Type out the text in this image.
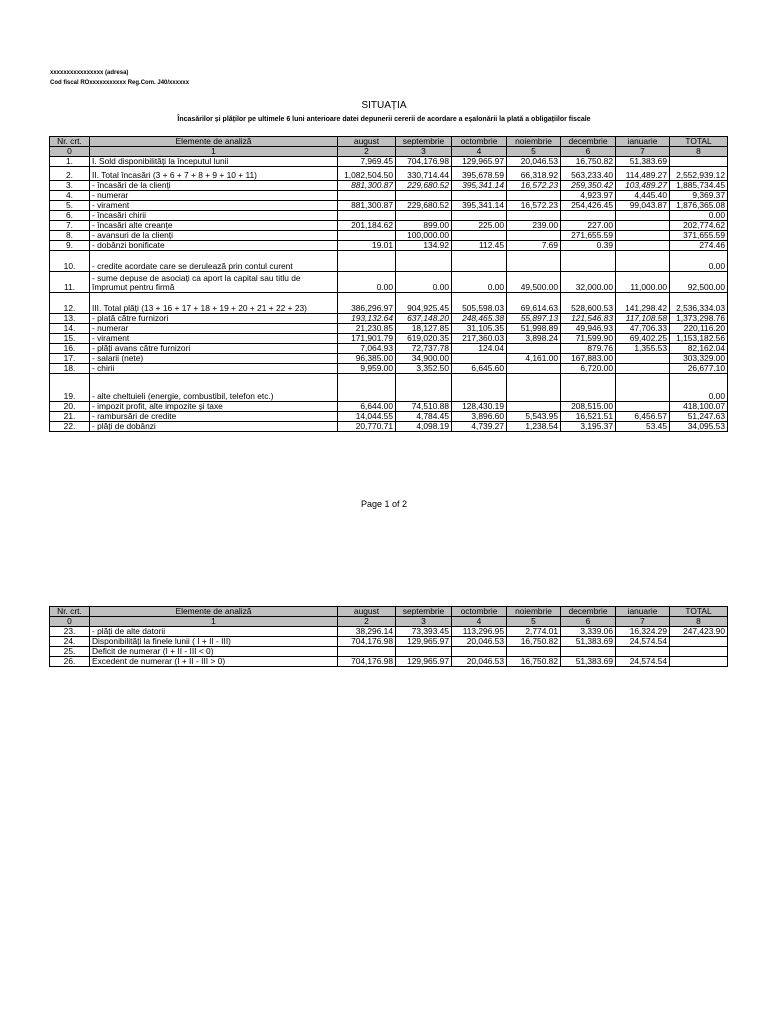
xxxxxxxxxxxxxxxx (adresa)
Cod fiscal ROxxxxxxxxxxx Reg.Com. J40/xxxxxx
SITUAȚIA
Încasărilor și plăților pe ultimele 6 luni anterioare datei depunerii cererii de acordare a eșalonării la plată a obligațiilor fiscale
Nr. crt.	Elemente de analiză	august	septembrie	octombrie	noiembrie	decembrie	ianuarie	TOTAL
0	1	2	3	4	5	6	7	8
1.	I. Sold disponibilități la începutul lunii	7,969.45	704,176.98	129,965.97	20,046.53	16,750.82	51,383.69	
2.	II. Total încasări (3 + 6 + 7 + 8 + 9 + 10 + 11)	1,082,504.50	330,714.44	395,678.59	66,318.92	563,233.40	114,489.27	2,552,939.12
3.	- încasări de la clienți	881,300.87	229,680.52	395,341.14	16,572.23	259,350.42	103,489.27	1,885,734.45
4.	- numerar					4,923.97	4,445.40	9,369.37
5.	- virament	881,300.87	229,680.52	395,341.14	16,572.23	254,426.45	99,043.87	1,876,365.08
6.	- încasări chirii							0.00
7.	- încasări alte creanțe	201,184.62	899.00	225.00	239.00	227.00		202,774.62
8.	- avansuri de la clienți		100,000.00			271,655.59		371,655.59
9.	- dobânzi bonificate	19.01	134.92	112.45	7.69	0.39		274.46
10.	- credite acordate care se derulează prin contul curent							0.00
11.	- sume depuse de asociați ca aport la capital sau titlu de împrumut pentru firmă	0.00	0.00	0.00	49,500.00	32,000.00	11,000.00	92,500.00
12.	III. Total plăți (13 + 16 + 17 + 18 + 19 + 20 + 21 + 22 + 23)	386,296.97	904,925.45	505,598.03	69,614.63	528,600.53	141,298.42	2,536,334.03
13.	- plată către furnizori	193,132.64	637,148.20	248,465.38	55,897.13	121,546.83	117,108.58	1,373,298.76
14.	- numerar	21,230.85	18,127.85	31,105.35	51,998.89	49,946.93	47,706.33	220,116.20
15.	- virament	171,901.79	619,020.35	217,360.03	3,898.24	71,599.90	69,402.25	1,153,182.56
16.	- plăți avans către furnizori	7,064.93	72,737.78	124.04		879.76	1,355.53	82,162.04
17.	- salarii (nete)	96,385.00	34,900.00		4,161.00	167,883.00		303,329.00
18.	- chirii	9,959.00	3,352.50	6,645.60		6,720.00		26,677.10
19.	- alte cheltuieli (energie, combustibil, telefon etc.)							0.00
20.	- impozit profit, alte impozite și taxe	6,644.00	74,510.88	128,430.19		208,515.00		418,100.07
21.	- rambursări de credite	14,044.55	4,784.45	3,896.60	5,543.95	16,521.51	6,456.57	51,247.63
22.	- plăți de dobânzi	20,770.71	4,098.19	4,739.27	1,238.54	3,195.37	53.45	34,095.53
Page 1 of 2
Nr. crt.	Elemente de analiză	august	septembrie	octombrie	noiembrie	decembrie	ianuarie	TOTAL
0	1	2	3	4	5	6	7	8
23.	- plăți de alte datorii	38,296.14	73,393.45	113,296.95	2,774.01	3,339.06	16,324.29	247,423.90
24.	Disponibilități la finele lunii ( I + II - III)	704,176.98	129,965.97	20,046.53	16,750.82	51,383.69	24,574.54	
25.	Deficit de numerar (I + II - III < 0)							
26.	Excedent de numerar (I + II - III > 0)	704,176.98	129,965.97	20,046.53	16,750.82	51,383.69	24,574.54	
